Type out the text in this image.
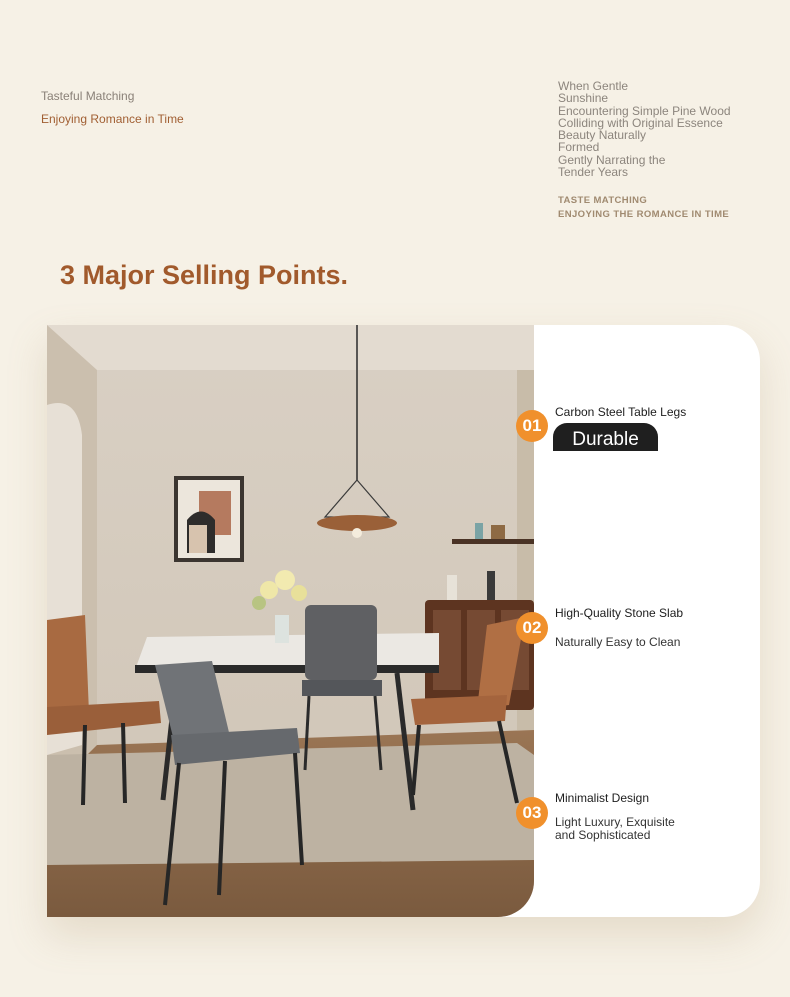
Tasteful Matching

Enjoying Romance in Time

When Gentle

Sunshine

Encountering Simple Pine Wood

Colliding with Original Essence

Beauty Naturally

Formed

Gently Narrating the

Tender Years

TASTE MATCHING

ENJOYING THE ROMANCE IN TIME

3 Major Selling Points.
01

Carbon Steel Table Legs

Durable
02

High-Quality Stone Slab

Naturally Easy to Clean

03

Minimalist Design

Light Luxury, Exquisite

and Sophisticated
